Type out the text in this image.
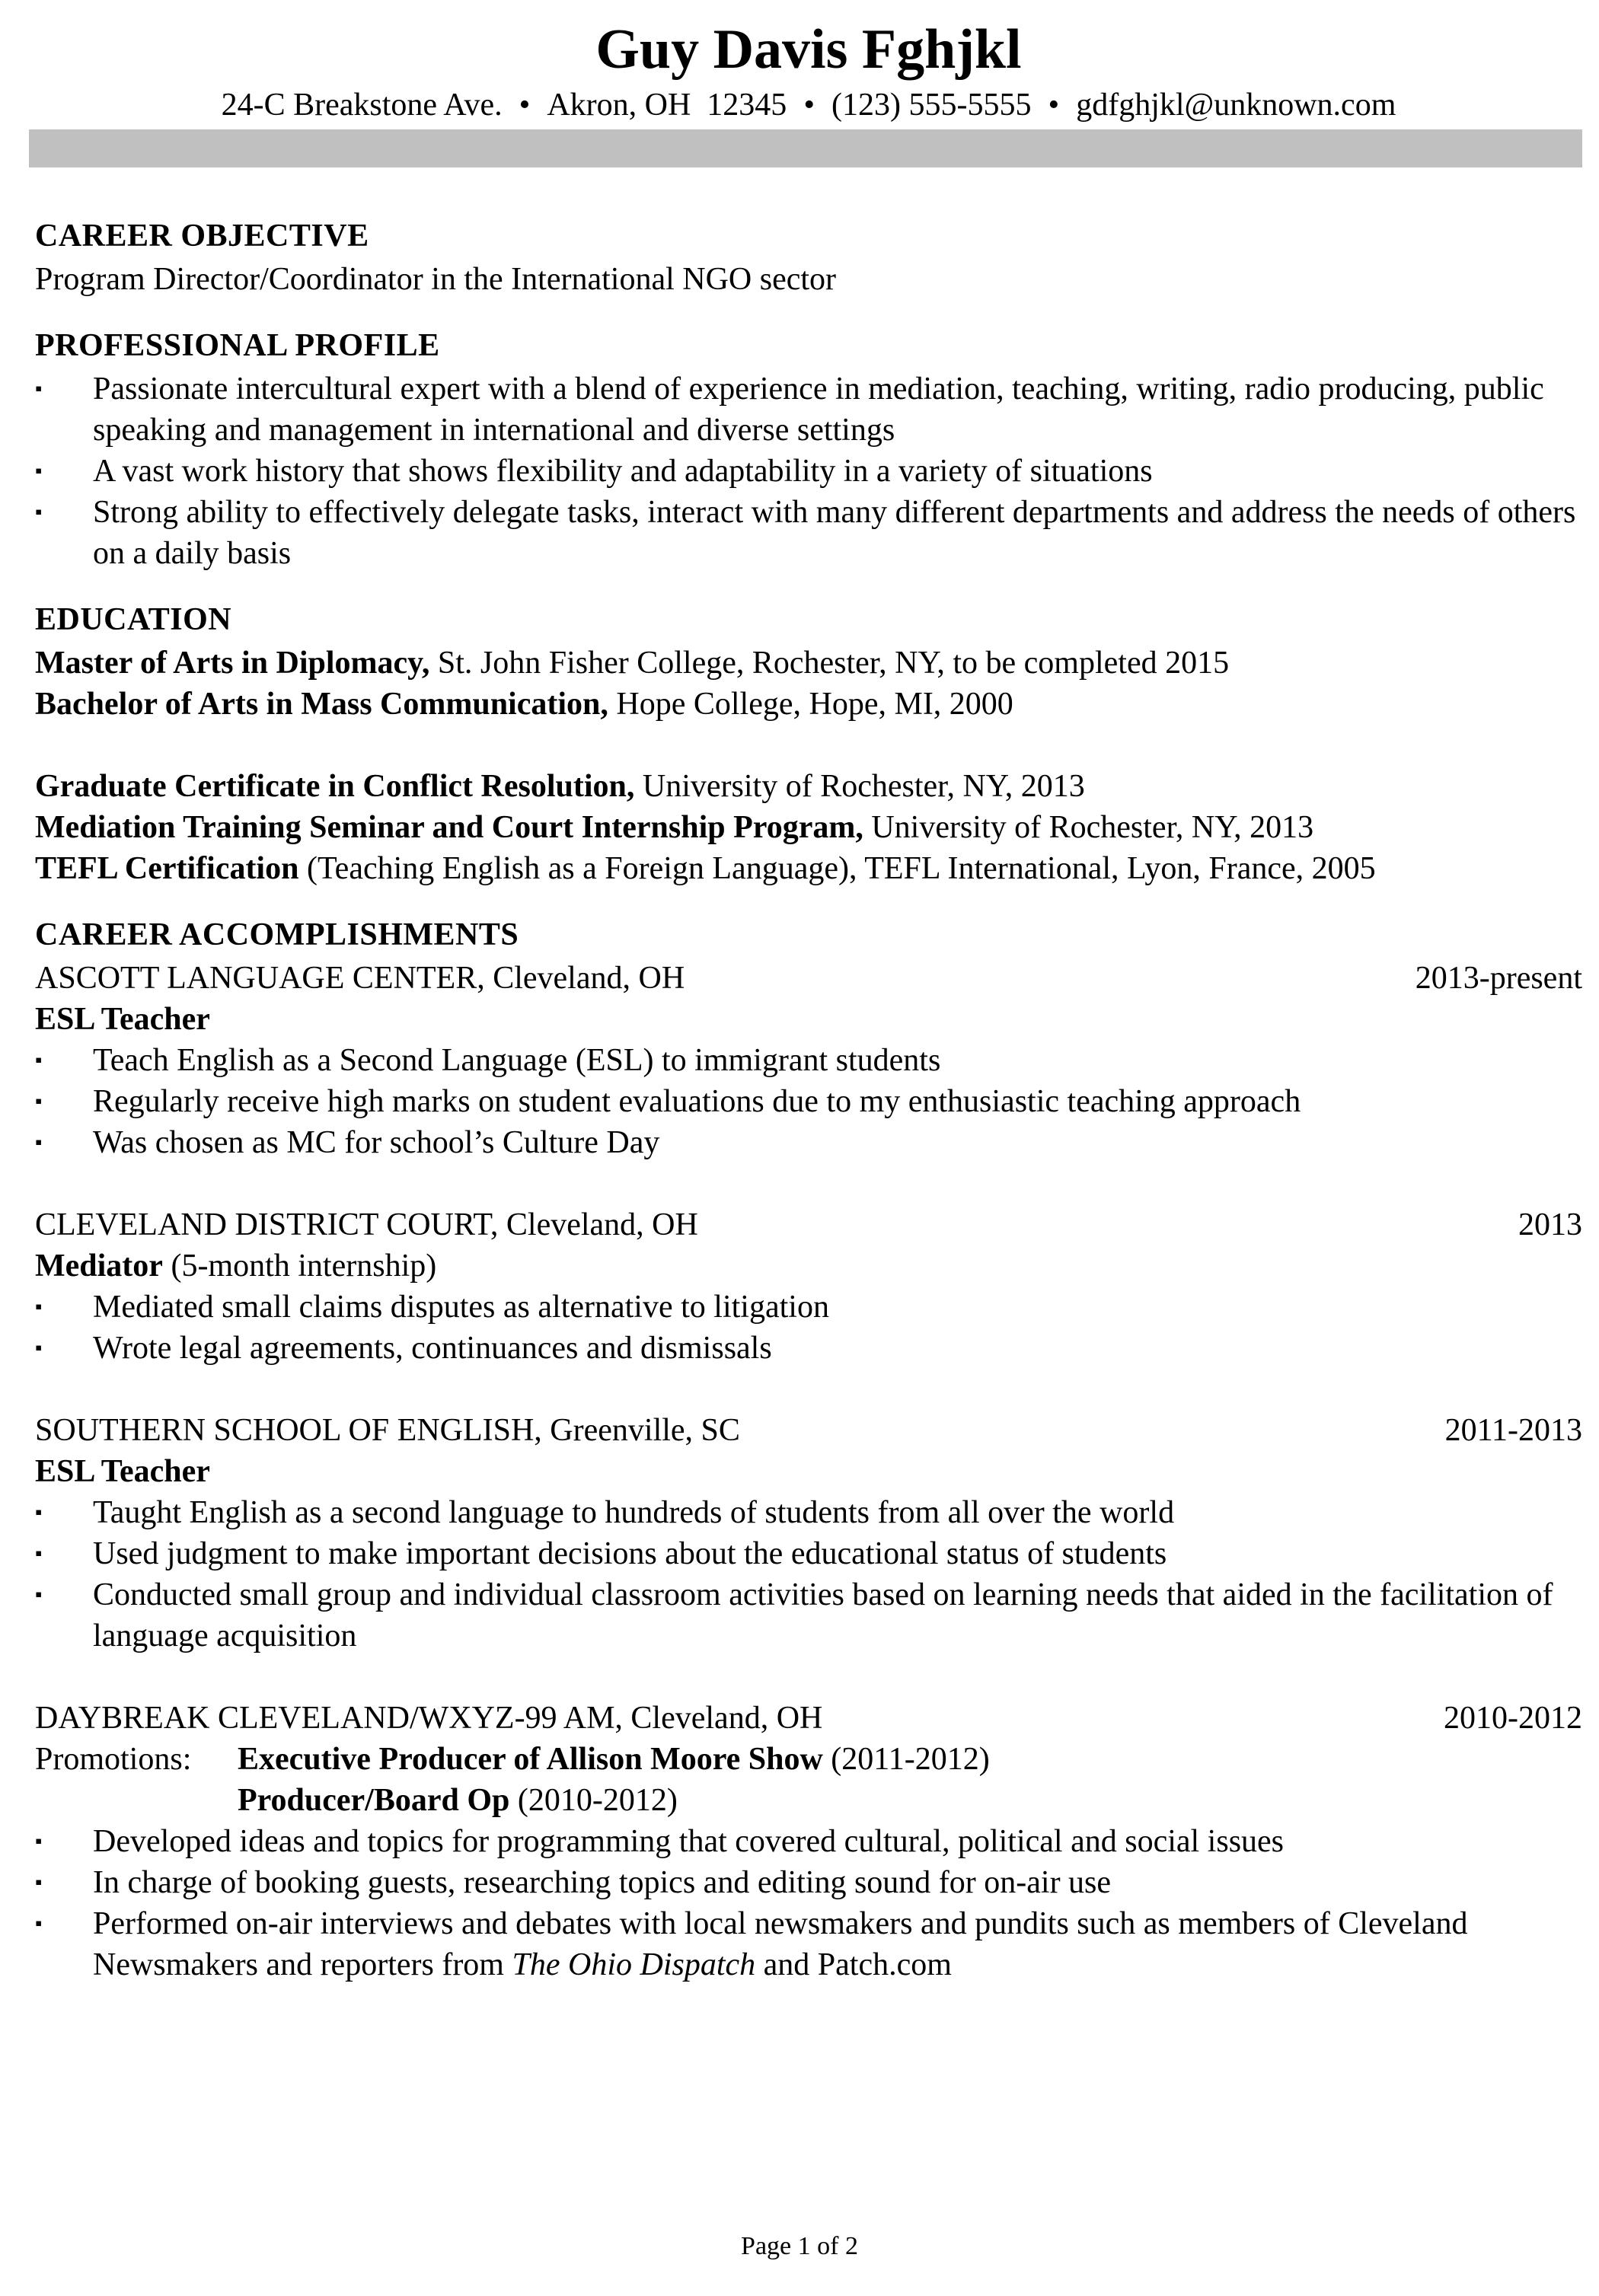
Guy Davis Fghjkl
24-C Breakstone Ave. • Akron, OH  12345 • (123) 555-5555 • gdfghjkl@unknown.com
CAREER OBJECTIVE
Program Director/Coordinator in the International NGO sector
PROFESSIONAL PROFILE
▪	Passionate intercultural expert with a blend of experience in mediation, teaching, writing, radio producing, public speaking and management in international and diverse settings
▪	A vast work history that shows flexibility and adaptability in a variety of situations
▪	Strong ability to effectively delegate tasks, interact with many different departments and address the needs of others on a daily basis
EDUCATION
Master of Arts in Diplomacy, St. John Fisher College, Rochester, NY, to be completed 2015
Bachelor of Arts in Mass Communication, Hope College, Hope, MI, 2000
Graduate Certificate in Conflict Resolution, University of Rochester, NY, 2013
Mediation Training Seminar and Court Internship Program, University of Rochester, NY, 2013
TEFL Certification (Teaching English as a Foreign Language), TEFL International, Lyon, France, 2005
CAREER ACCOMPLISHMENTS
ASCOTT LANGUAGE CENTER, Cleveland, OH	2013-present
ESL Teacher
▪	Teach English as a Second Language (ESL) to immigrant students
▪	Regularly receive high marks on student evaluations due to my enthusiastic teaching approach
▪	Was chosen as MC for school’s Culture Day
CLEVELAND DISTRICT COURT, Cleveland, OH	2013
Mediator (5-month internship)
▪	Mediated small claims disputes as alternative to litigation
▪	Wrote legal agreements, continuances and dismissals
SOUTHERN SCHOOL OF ENGLISH, Greenville, SC	2011-2013
ESL Teacher
▪	Taught English as a second language to hundreds of students from all over the world
▪	Used judgment to make important decisions about the educational status of students
▪	Conducted small group and individual classroom activities based on learning needs that aided in the facilitation of language acquisition
DAYBREAK CLEVELAND/WXYZ-99 AM, Cleveland, OH	2010-2012
Promotions:	Executive Producer of Allison Moore Show (2011-2012)
Producer/Board Op (2010-2012)
▪	Developed ideas and topics for programming that covered cultural, political and social issues
▪	In charge of booking guests, researching topics and editing sound for on-air use
▪	Performed on-air interviews and debates with local newsmakers and pundits such as members of Cleveland Newsmakers and reporters from The Ohio Dispatch and Patch.com
Page 1 of 2
